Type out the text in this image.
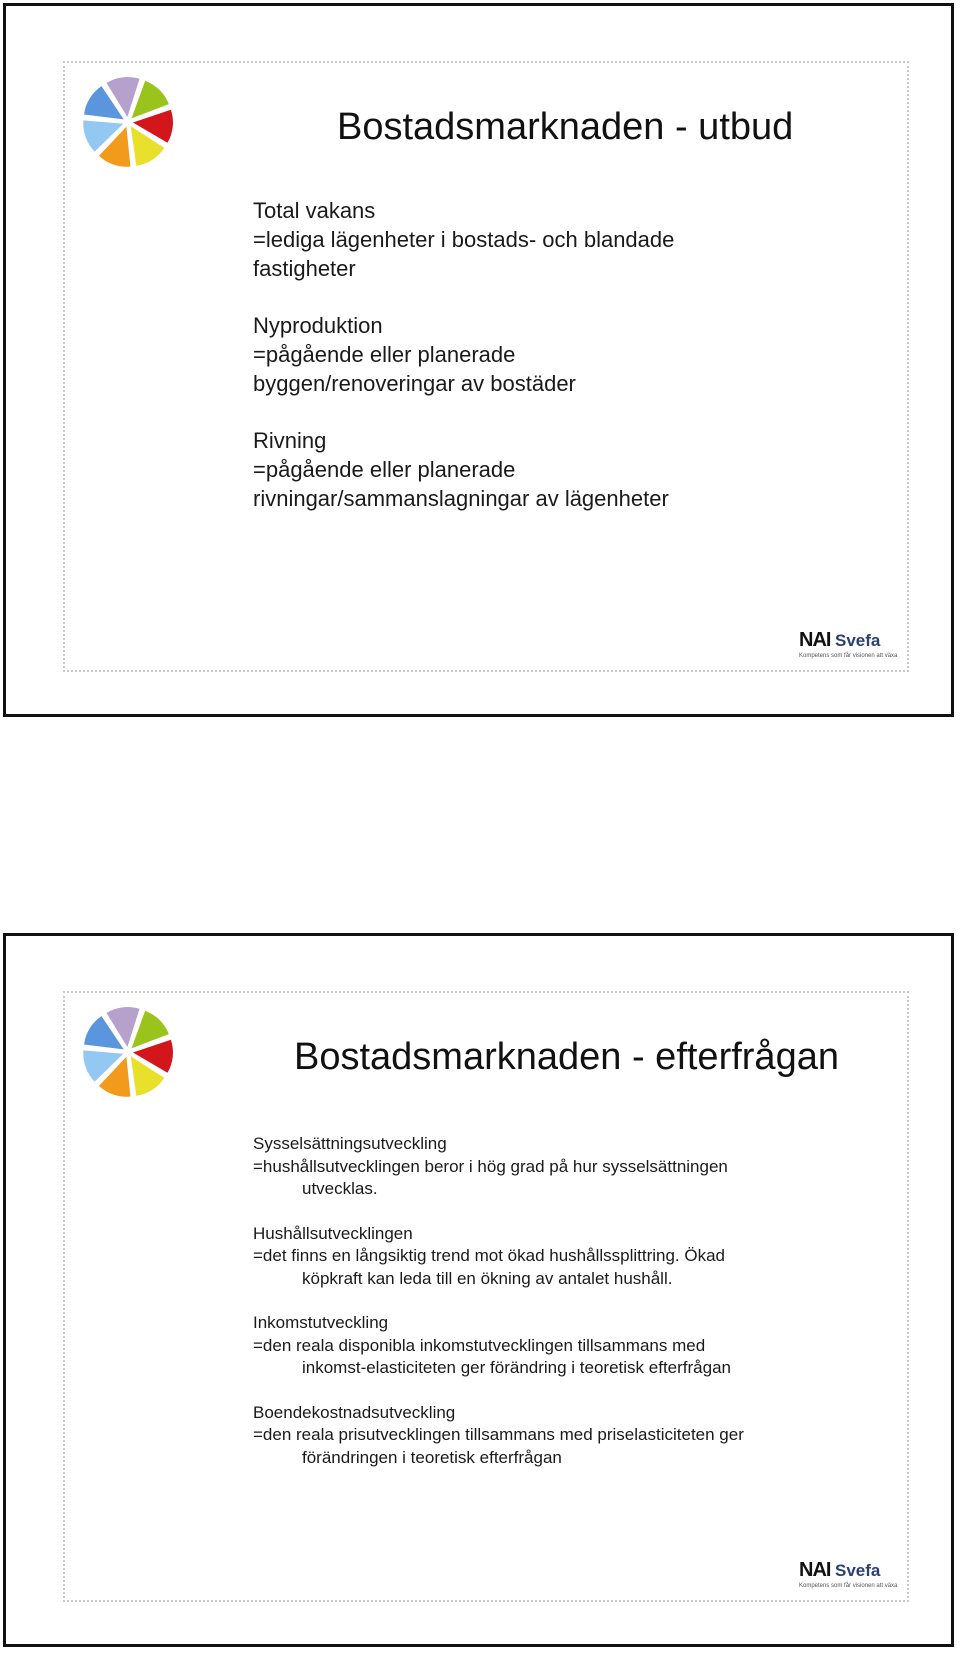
Bostadsmarknaden - utbud
Total vakans
=lediga lägenheter i bostads- och blandade
fastigheter
Nyproduktion
=pågående eller planerade
byggen/renoveringar av bostäder
Rivning
=pågående eller planerade
rivningar/sammanslagningar av lägenheter
NAI Svefa
Kompetens som får visionen att växa
Bostadsmarknaden - efterfrågan
Sysselsättningsutveckling
=hushållsutvecklingen beror i hög grad på hur sysselsättningen
utvecklas.
Hushållsutvecklingen
=det finns en långsiktig trend mot ökad hushållssplittring. Ökad
köpkraft kan leda till en ökning av antalet hushåll.
Inkomstutveckling
=den reala disponibla inkomstutvecklingen tillsammans med
inkomst-elasticiteten ger förändring i teoretisk efterfrågan
Boendekostnadsutveckling
=den reala prisutvecklingen tillsammans med priselasticiteten ger
förändringen i teoretisk efterfrågan
NAI Svefa
Kompetens som får visionen att växa
